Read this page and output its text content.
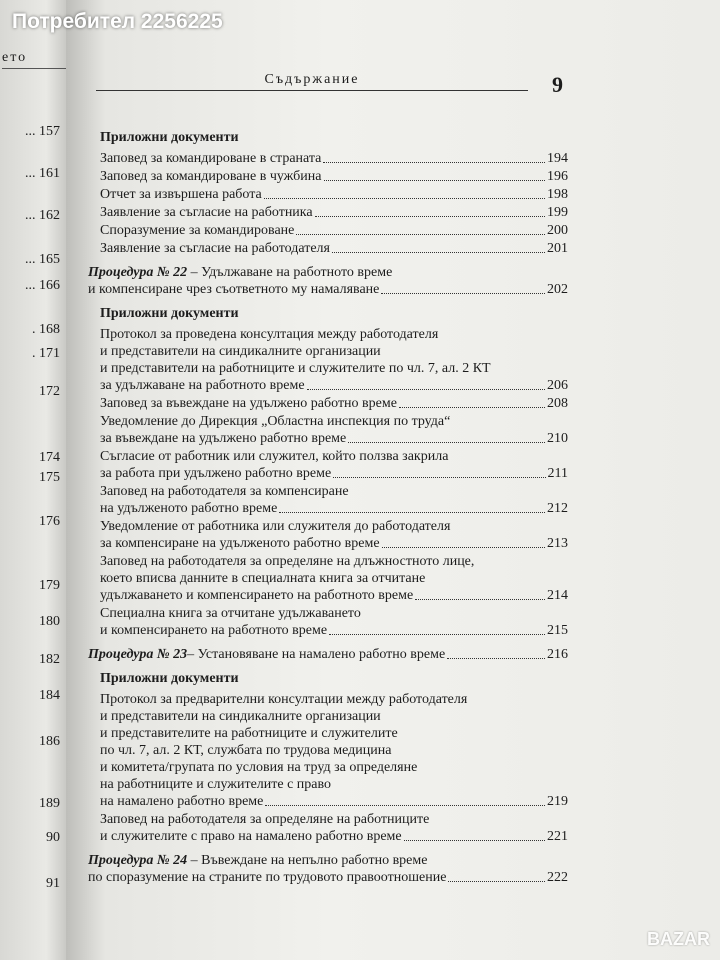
ето
... 157
... 161
... 162
... 165
... 166
. 168
. 171
172
174
175
176
179
180
182
184
186
189
90
91
Съдържание	9
Приложни документи
Заповед за командироване в страната	194
Заповед за командироване в чужбина	196
Отчет за извършена работа	198
Заявление за съгласие на работника	199
Споразумение за командироване	200
Заявление за съгласие на работодателя	201
Процедура № 22 – Удължаване на работното време
и компенсиране чрез съответното му намаляване	202
Приложни документи
Протокол за проведена консултация между работодателя
и представители на синдикалните организации
и представители на работниците и служителите по чл. 7, ал. 2 КТ
за удължаване на работното време	206
Заповед за въвеждане на удължено работно време	208
Уведомление до Дирекция „Областна инспекция по труда“
за въвеждане на удължено работно време	210
Съгласие от работник или служител, който ползва закрила
за работа при удължено работно време	211
Заповед на работодателя за компенсиране
на удълженото работно време	212
Уведомление от работника или служителя до работодателя
за компенсиране на удълженото работно време	213
Заповед на работодателя за определяне на длъжностното лице,
което вписва данните в специалната книга за отчитане
удължаването и компенсирането на работното време	214
Специална книга за отчитане удължаването
и компенсирането на работното време	215
Процедура № 23 – Установяване на намалено работно време	216
Приложни документи
Протокол за предварителни консултации между работодателя
и представители на синдикалните организации
и представителите на работниците и служителите
по чл. 7, ал. 2 КТ, службата по трудова медицина
и комитета/групата по условия на труд за определяне
на работниците и служителите с право
на намалено работно време	219
Заповед на работодателя за определяне на работниците
и служителите с право на намалено работно време	221
Процедура № 24 – Въвеждане на непълно работно време
по споразумение на страните по трудовото правоотношение	222
Потребител 2256225
BAZAR
